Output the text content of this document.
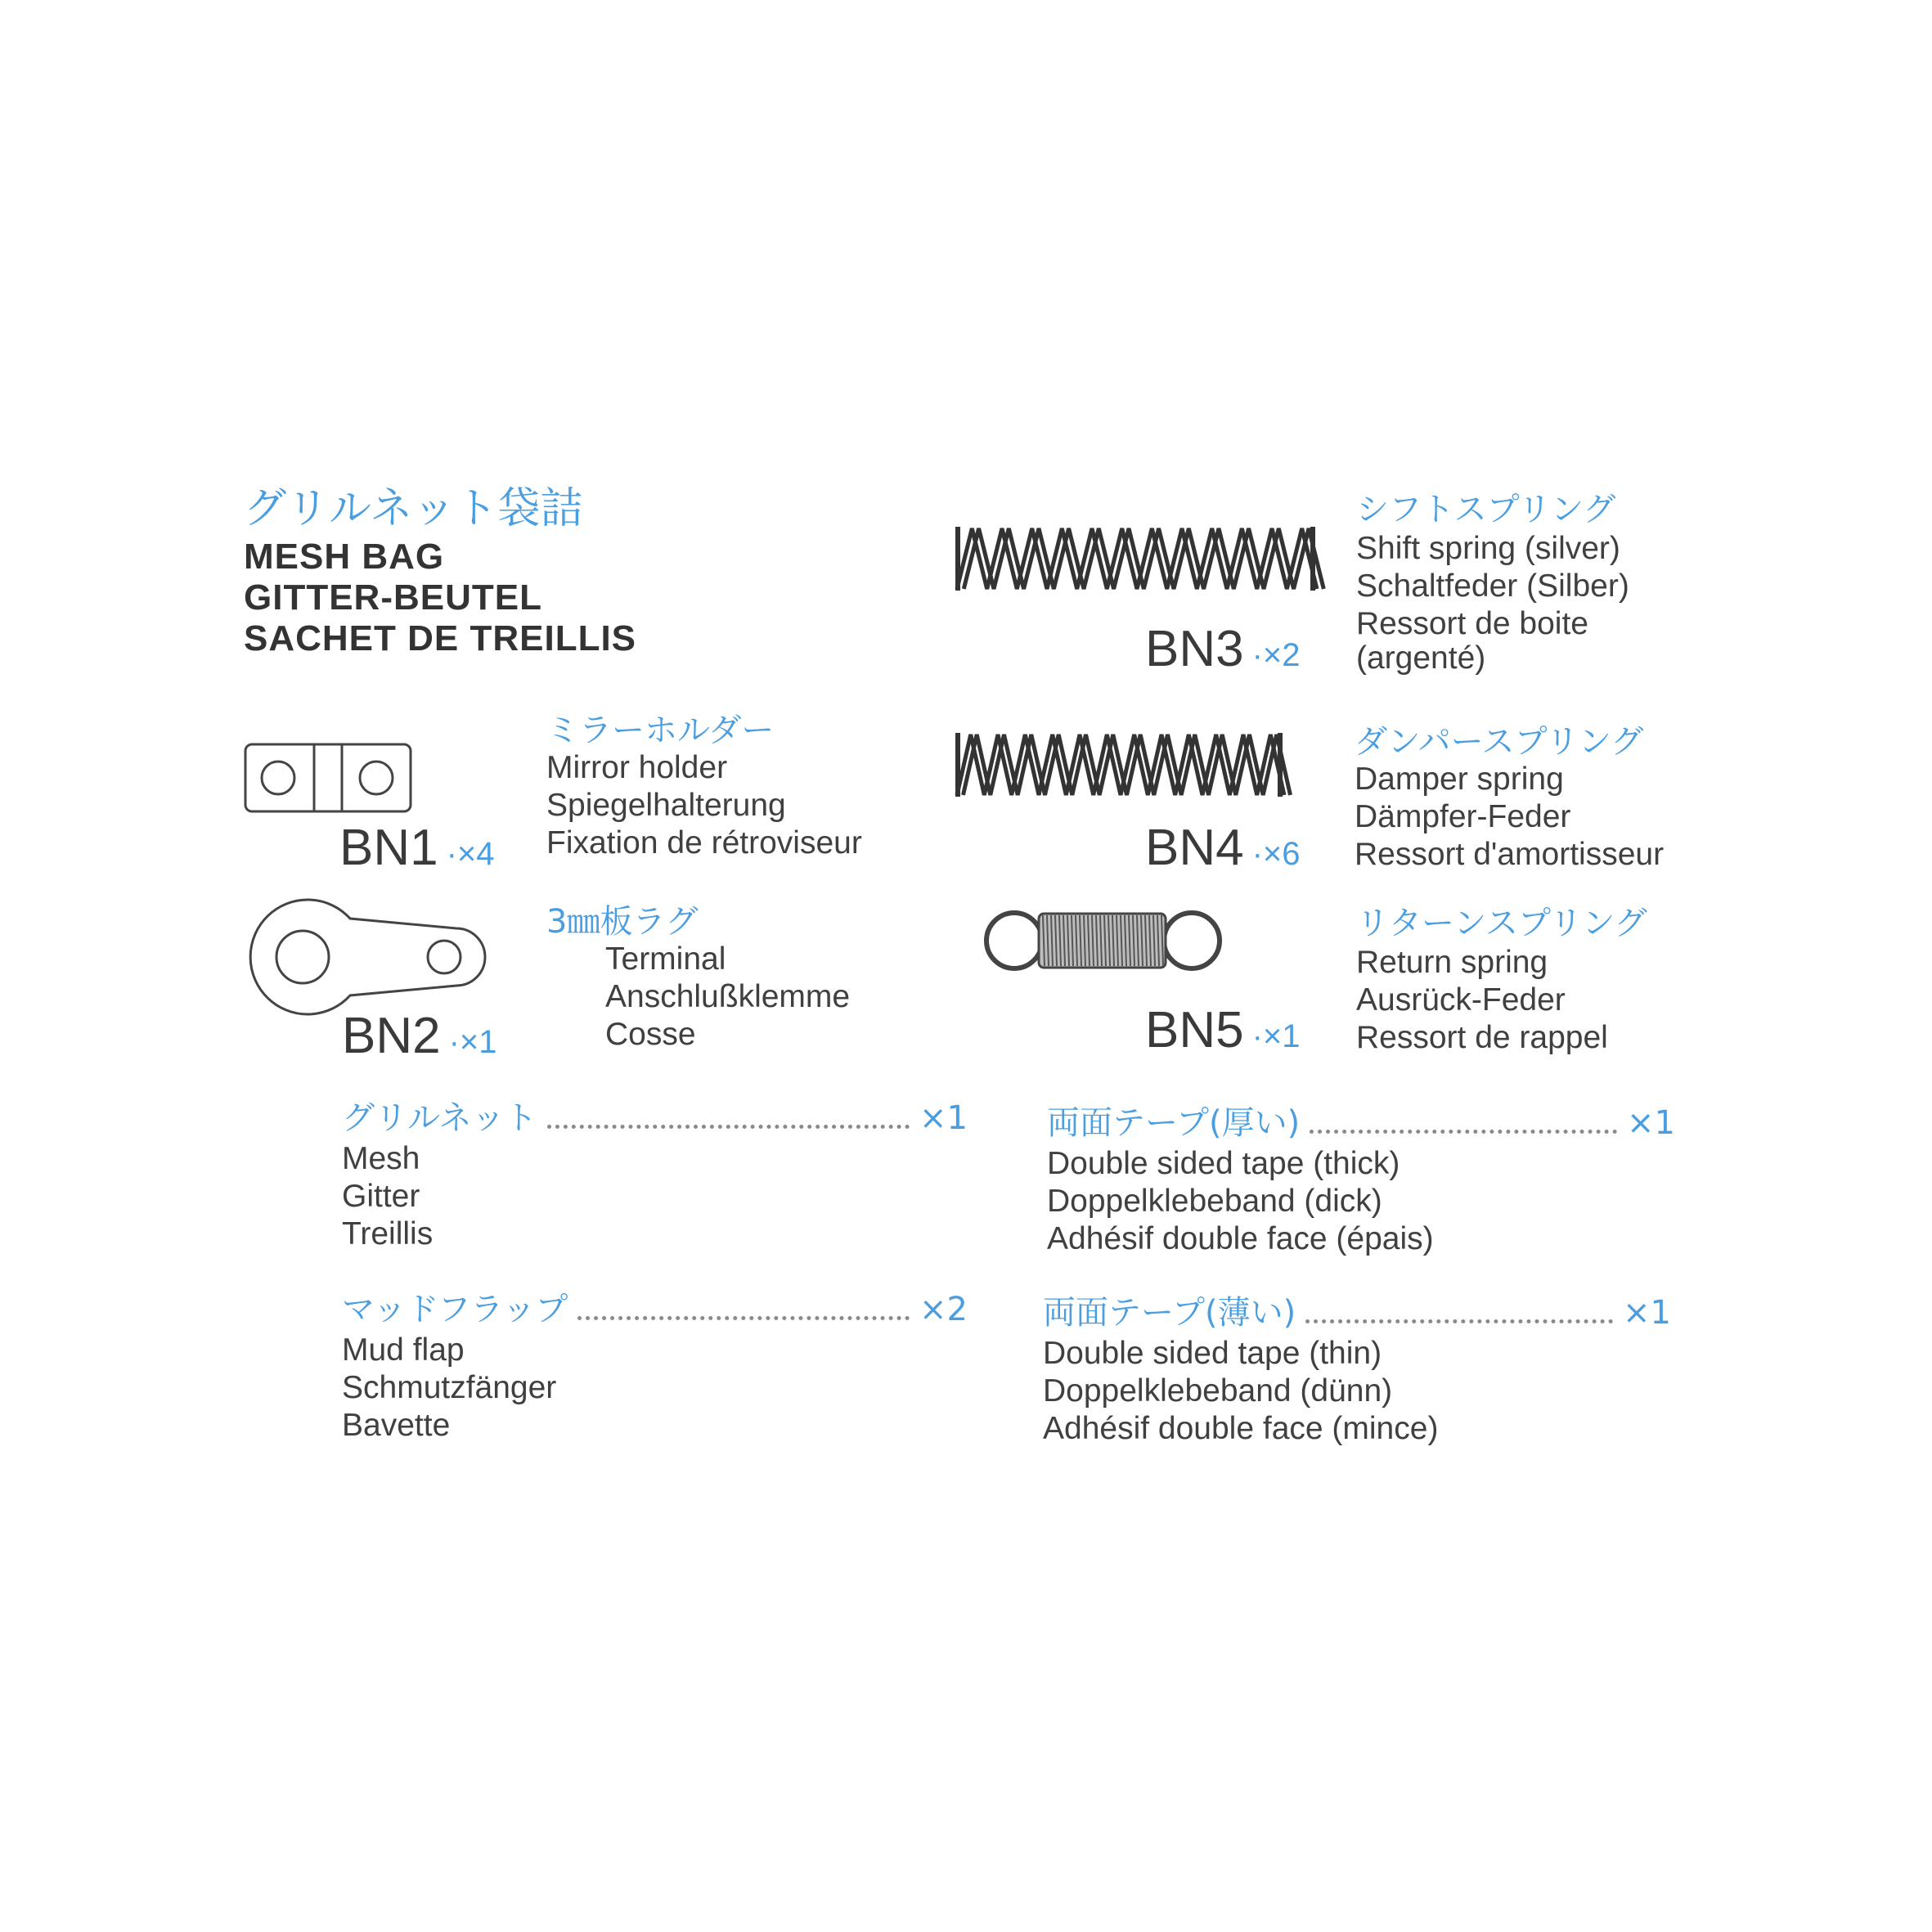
グリルネット袋詰
MESH BAG
GITTER-BEUTEL
SACHET DE TREILLIS
BN1 ·×4
ミラーホルダー
Mirror holder
Spiegelhalterung
Fixation de rétroviseur
BN2 ·×1
3㎜板ラグ
Terminal
Anschlußklemme
Cosse
BN3 ·×2
シフトスプリング
Shift spring (silver)
Schaltfeder (Silber)
Ressort de boite
(argenté)
BN4 ·×6
ダンパースプリング
Damper spring
Dämpfer-Feder
Ressort d'amortisseur
BN5 ·×1
リターンスプリング
Return spring
Ausrück-Feder
Ressort de rappel
グリルネット	×1
Mesh
Gitter
Treillis
マッドフラップ	×2
Mud flap
Schmutzfänger
Bavette
両面テープ(厚い)	×1
Double sided tape (thick)
Doppelklebeband (dick)
Adhésif double face (épais)
両面テープ(薄い)	×1
Double sided tape (thin)
Doppelklebeband (dünn)
Adhésif double face (mince)
